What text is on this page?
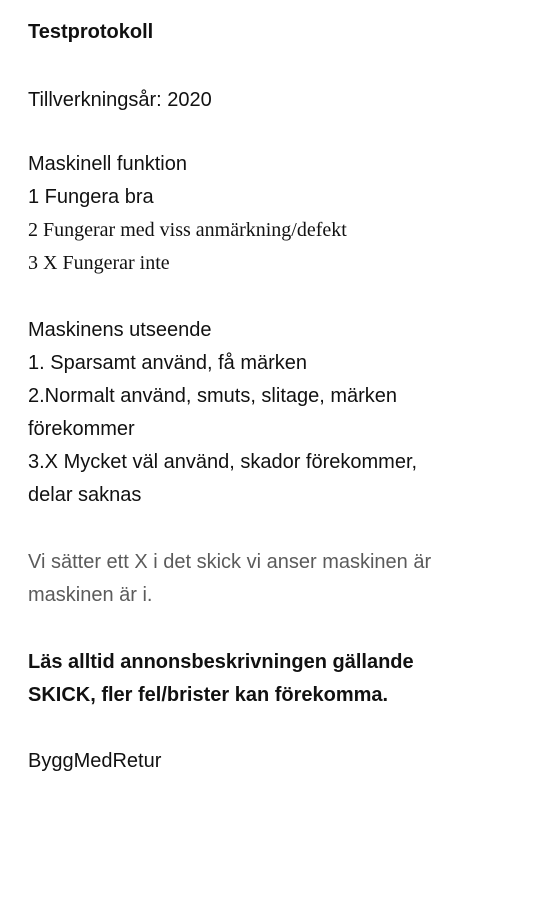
Testprotokoll
Tillverkningsår: 2020
Maskinell funktion
1 Fungera bra
2 Fungerar med viss anmärkning/defekt
3 X Fungerar inte
Maskinens utseende
1. Sparsamt använd, få märken
2.Normalt använd, smuts, slitage, märken
förekommer
3.X Mycket väl använd, skador förekommer,
delar saknas
Vi sätter ett X i det skick vi anser maskinen är
maskinen är i.
Läs alltid annonsbeskrivningen gällande
SKICK, fler fel/brister kan förekomma.
ByggMedRetur
